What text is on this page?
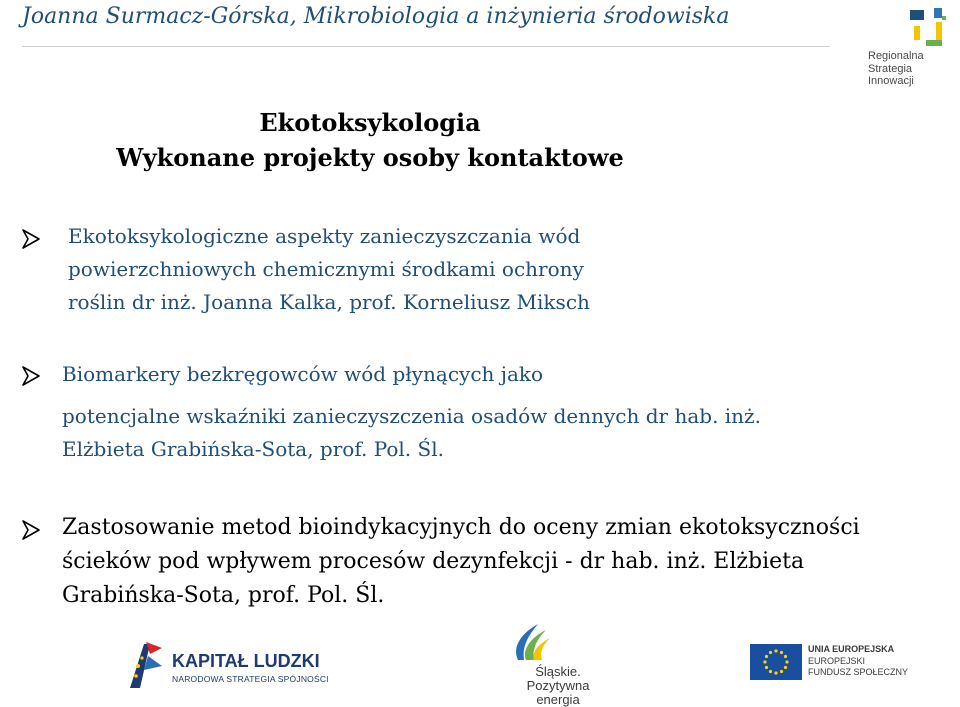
Joanna Surmacz-Górska, Mikrobiologia a inżynieria środowiska
Regionalna
Strategia
Innowacji
Ekotoksykologia
Wykonane projekty osoby kontaktowe
Ekotoksykologiczne aspekty zanieczyszczania wód
powierzchniowych chemicznymi środkami ochrony
roślin dr inż. Joanna Kalka, prof. Korneliusz Miksch
Biomarkery bezkręgowców wód płynących jako
potencjalne wskaźniki zanieczyszczenia osadów dennych dr hab. inż.
Elżbieta Grabińska-Sota, prof. Pol. Śl.
Zastosowanie metod bioindykacyjnych do oceny zmian ekotoksyczności
ścieków pod wpływem procesów dezynfekcji - dr hab. inż. Elżbieta
Grabińska-Sota, prof. Pol. Śl.
KAPITAŁ LUDZKI
NARODOWA STRATEGIA SPÓJNOŚCI	Śląskie.
Pozytywna energia
UNIA EUROPEJSKA
EUROPEJSKI
FUNDUSZ SPOŁECZNY
